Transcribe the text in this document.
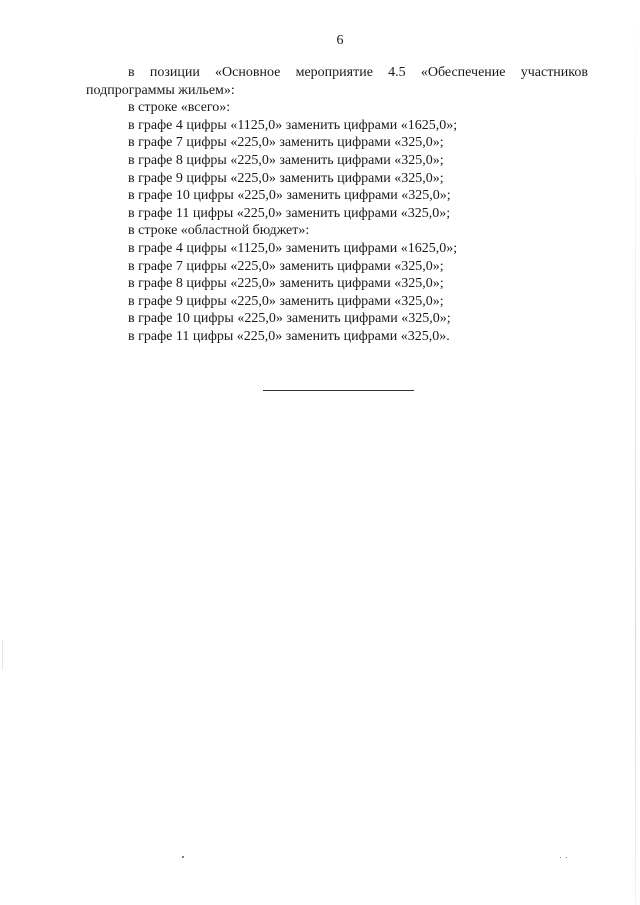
6

в позиции «Основное мероприятие 4.5 «Обеспечение участников подпрограммы жильем»:

в строке «всего»:

в графе 4 цифры «1125,0» заменить цифрами «1625,0»;

в графе 7 цифры «225,0» заменить цифрами «325,0»;

в графе 8 цифры «225,0» заменить цифрами «325,0»;

в графе 9 цифры «225,0» заменить цифрами «325,0»;

в графе 10 цифры «225,0» заменить цифрами «325,0»;

в графе 11 цифры «225,0» заменить цифрами «325,0»;

в строке «областной бюджет»:

в графе 4 цифры «1125,0» заменить цифрами «1625,0»;

в графе 7 цифры «225,0» заменить цифрами «325,0»;

в графе 8 цифры «225,0» заменить цифрами «325,0»;

в графе 9 цифры «225,0» заменить цифрами «325,0»;

в графе 10 цифры «225,0» заменить цифрами «325,0»;

в графе 11 цифры «225,0» заменить цифрами «325,0».
